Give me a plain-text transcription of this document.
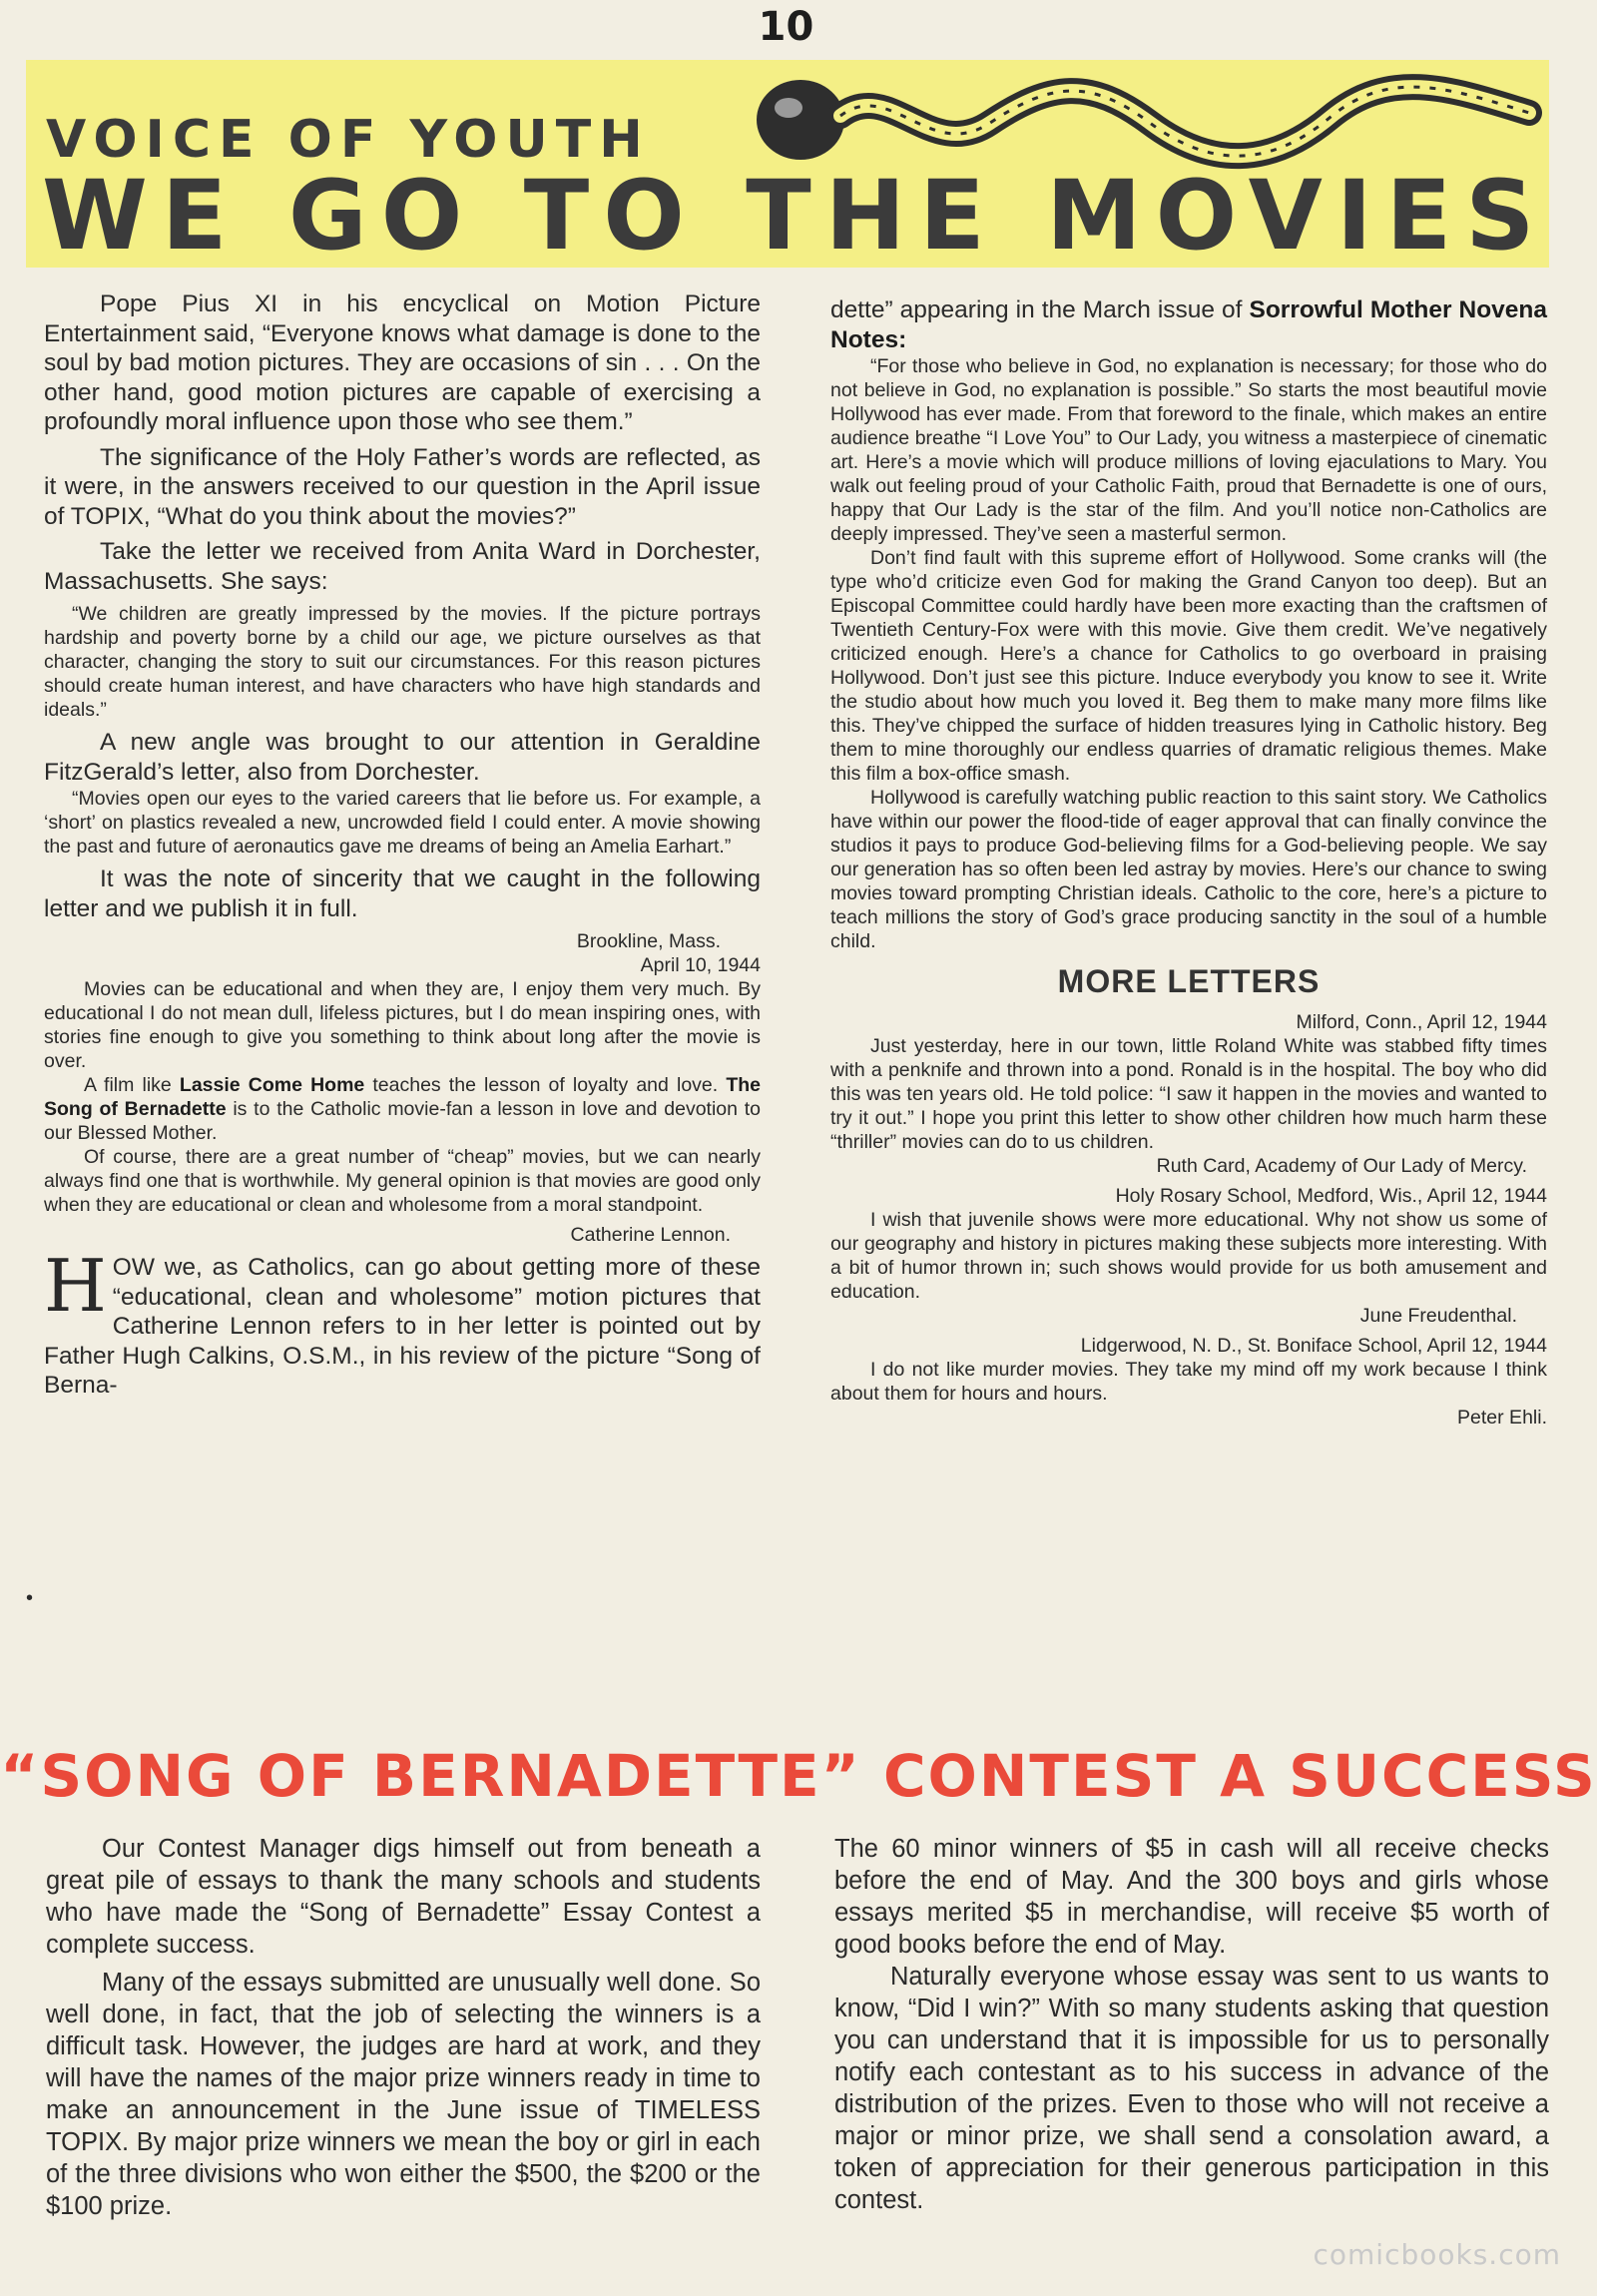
10
VOICE OF YOUTH
WE GO TO THE MOVIES

Pope Pius XI in his encyclical on Motion Picture Entertainment said, “Everyone knows what damage is done to the soul by bad motion pictures. They are occasions of sin . . . On the other hand, good motion pictures are capable of exercising a profoundly moral influence upon those who see them.”

The significance of the Holy Father’s words are reflected, as it were, in the answers received to our question in the April issue of TOPIX, “What do you think about the movies?”

Take the letter we received from Anita Ward in Dorchester, Massachusetts. She says:

“We children are greatly impressed by the movies. If the picture portrays hardship and poverty borne by a child our age, we picture ourselves as that character, changing the story to suit our circumstances. For this reason pictures should create human interest, and have characters who have high standards and ideals.”

A new angle was brought to our attention in Geraldine FitzGerald’s letter, also from Dorchester.

“Movies open our eyes to the varied careers that lie before us. For example, a ‘short’ on plastics revealed a new, uncrowded field I could enter. A movie showing the past and future of aeronautics gave me dreams of being an Amelia Earhart.”

It was the note of sincerity that we caught in the following letter and we publish it in full.

Brookline, Mass.

April 10, 1944

Movies can be educational and when they are, I enjoy them very much. By educational I do not mean dull, lifeless pictures, but I do mean inspiring ones, with stories fine enough to give you something to think about long after the movie is over.

A film like Lassie Come Home teaches the lesson of loyalty and love. The Song of Bernadette is to the Catholic movie-fan a lesson in love and devotion to our Blessed Mother.

Of course, there are a great number of “cheap” movies, but we can nearly always find one that is worthwhile. My general opinion is that movies are good only when they are educational or clean and wholesome from a moral standpoint.

Catherine Lennon.

HOW we, as Catholics, can go about getting more of these “educational, clean and wholesome” motion pictures that Catherine Lennon refers to in her letter is pointed out by Father Hugh Calkins, O.S.M., in his review of the picture “Song of Berna-

•

dette” appearing in the March issue of Sorrowful Mother Novena Notes:

“For those who believe in God, no explanation is necessary; for those who do not believe in God, no explanation is possible.” So starts the most beautiful movie Hollywood has ever made. From that foreword to the finale, which makes an entire audience breathe “I Love You” to Our Lady, you witness a masterpiece of cinematic art. Here’s a movie which will produce millions of loving ejaculations to Mary. You walk out feeling proud of your Catholic Faith, proud that Bernadette is one of ours, happy that Our Lady is the star of the film. And you’ll notice non-Catholics are deeply impressed. They’ve seen a masterful sermon.

Don’t find fault with this supreme effort of Hollywood. Some cranks will (the type who’d criticize even God for making the Grand Canyon too deep). But an Episcopal Committee could hardly have been more exacting than the craftsmen of Twentieth Century-Fox were with this movie. Give them credit. We’ve negatively criticized enough. Here’s a chance for Catholics to go overboard in praising Hollywood. Don’t just see this picture. Induce everybody you know to see it. Write the studio about how much you loved it. Beg them to make many more films like this. They’ve chipped the surface of hidden treasures lying in Catholic history. Beg them to mine thoroughly our endless quarries of dramatic religious themes. Make this film a box-office smash.

Hollywood is carefully watching public reaction to this saint story. We Catholics have within our power the flood-tide of eager approval that can finally convince the studios it pays to produce God-believing films for a God-believing people. We say our generation has so often been led astray by movies. Here’s our chance to swing movies toward prompting Christian ideals. Catholic to the core, here’s a picture to teach millions the story of God’s grace producing sanctity in the soul of a humble child.

MORE LETTERS

Milford, Conn., April 12, 1944

Just yesterday, here in our town, little Roland White was stabbed fifty times with a penknife and thrown into a pond. Ronald is in the hospital. The boy who did this was ten years old. He told police: “I saw it happen in the movies and wanted to try it out.” I hope you print this letter to show other children how much harm these “thriller” movies can do to us children.

Ruth Card, Academy of Our Lady of Mercy.

Holy Rosary School, Medford, Wis., April 12, 1944

I wish that juvenile shows were more educational. Why not show us some of our geography and history in pictures making these subjects more interesting. With a bit of humor thrown in; such shows would provide for us both amusement and education.

June Freudenthal.

Lidgerwood, N. D., St. Boniface School, April 12, 1944

I do not like murder movies. They take my mind off my work because I think about them for hours and hours.

Peter Ehli.

“SONG OF BERNADETTE” CONTEST A SUCCESS

Our Contest Manager digs himself out from beneath a great pile of essays to thank the many schools and students who have made the “Song of Bernadette” Essay Contest a complete success.

Many of the essays submitted are unusually well done. So well done, in fact, that the job of selecting the winners is a difficult task. However, the judges are hard at work, and they will have the names of the major prize winners ready in time to make an announcement in the June issue of TIMELESS TOPIX. By major prize winners we mean the boy or girl in each of the three divisions who won either the $500, the $200 or the $100 prize.

The 60 minor winners of $5 in cash will all receive checks before the end of May. And the 300 boys and girls whose essays merited $5 in merchandise, will receive $5 worth of good books before the end of May.

Naturally everyone whose essay was sent to us wants to know, “Did I win?” With so many students asking that question you can understand that it is impossible for us to personally notify each contestant as to his success in advance of the distribution of the prizes. Even to those who will not receive a major or minor prize, we shall send a consolation award, a token of appreciation for their generous participation in this contest.

comicbooks.com
